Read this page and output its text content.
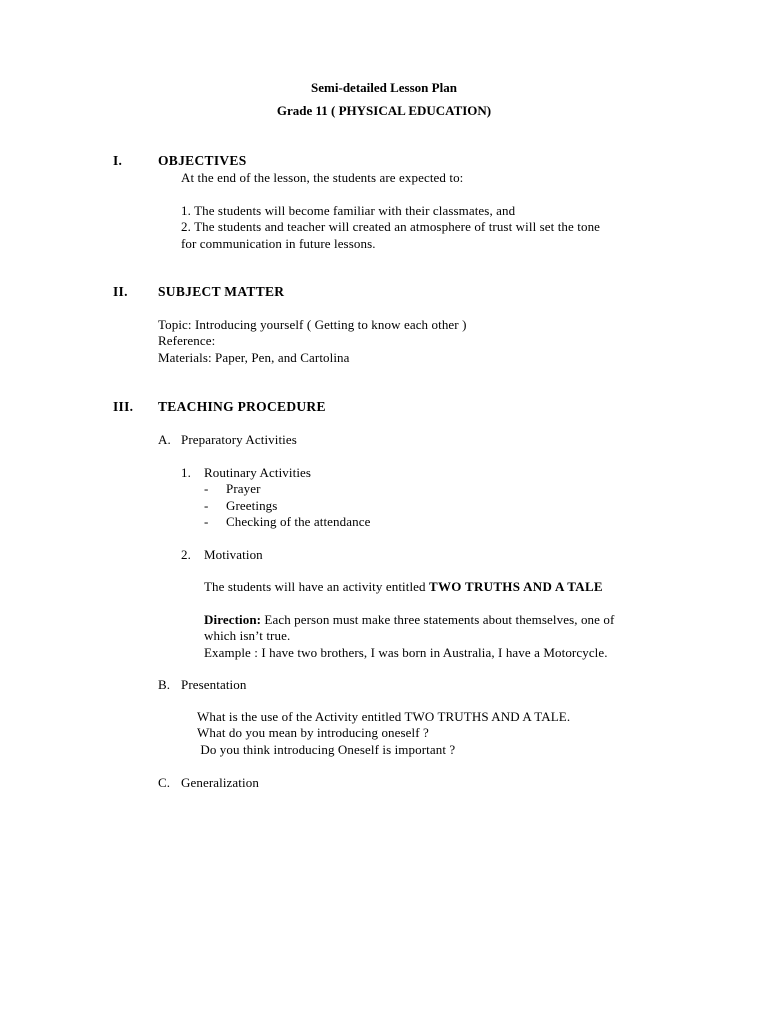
Semi-detailed Lesson Plan
Grade 11 ( PHYSICAL EDUCATION)
I.	OBJECTIVES
At the end of the lesson, the students are expected to:
1. The students will become familiar with their classmates, and
2. The students and teacher will created an atmosphere of trust will set the tone
for communication in future lessons.
II. SUBJECT MATTER
Topic: Introducing yourself ( Getting to know each other )
Reference:
Materials: Paper, Pen, and Cartolina
III. TEACHING PROCEDURE
A. Preparatory Activities
1. Routinary Activities
- Prayer
- Greetings
- Checking of the attendance
2. Motivation
The students will have an activity entitled TWO TRUTHS AND A TALE
Direction: Each person must make three statements about themselves, one of
which isn’t true.
Example : I have two brothers, I was born in Australia, I have a Motorcycle.
B. Presentation
What is the use of the Activity entitled TWO TRUTHS AND A TALE.
What do you mean by introducing oneself ?
Do you think introducing Oneself is important ?
C. Generalization
